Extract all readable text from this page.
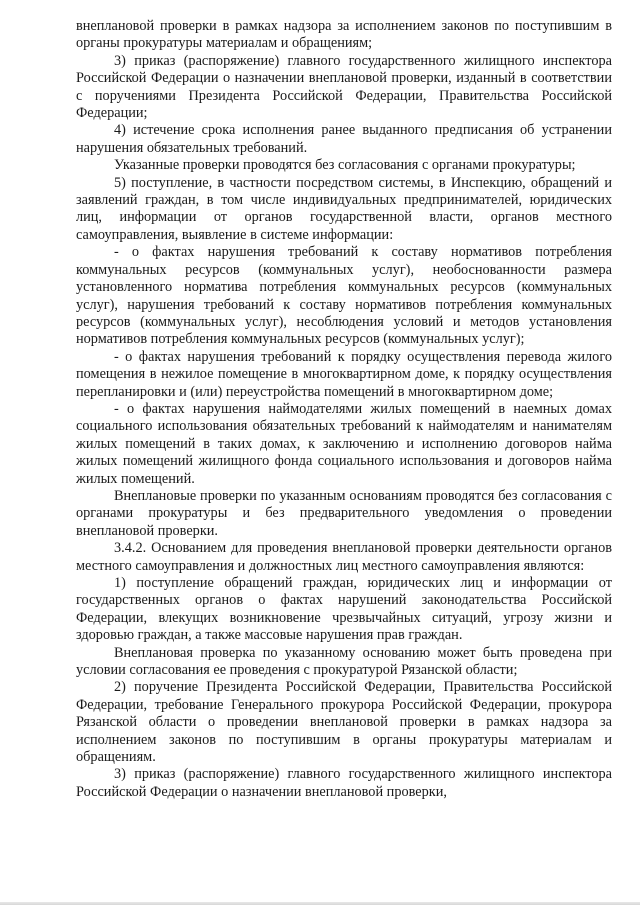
внеплановой проверки в рамках надзора за исполнением законов по поступившим в органы прокуратуры материалам и обращениям;

3) приказ (распоряжение) главного государственного жилищного инспектора Российской Федерации о назначении внеплановой проверки, изданный в соответствии с поручениями Президента Российской Федерации, Правительства Российской Федерации;

4) истечение срока исполнения ранее выданного предписания об устранении нарушения обязательных требований.

Указанные проверки проводятся без согласования с органами прокуратуры;

5) поступление, в частности посредством системы, в Инспекцию, обращений и заявлений граждан, в том числе индивидуальных предпринимателей, юридических лиц, информации от органов государственной власти, органов местного самоуправления, выявление в системе информации:

- о фактах нарушения требований к составу нормативов потребления коммунальных ресурсов (коммунальных услуг), необоснованности размера установленного норматива потребления коммунальных ресурсов (коммунальных услуг), нарушения требований к составу нормативов потребления коммунальных ресурсов (коммунальных услуг), несоблюдения условий и методов установления нормативов потребления коммунальных ресурсов (коммунальных услуг);

- о фактах нарушения требований к порядку осуществления перевода жилого помещения в нежилое помещение в многоквартирном доме, к порядку осуществления перепланировки и (или) переустройства помещений в многоквартирном доме;

- о фактах нарушения наймодателями жилых помещений в наемных домах социального использования обязательных требований к наймодателям и нанимателям жилых помещений в таких домах, к заключению и исполнению договоров найма жилых помещений жилищного фонда социального использования и договоров найма жилых помещений.

Внеплановые проверки по указанным основаниям проводятся без согласования с органами прокуратуры и без предварительного уведомления о проведении внеплановой проверки.

3.4.2. Основанием для проведения внеплановой проверки деятельности органов местного самоуправления и должностных лиц местного самоуправления являются:

1) поступление обращений граждан, юридических лиц и информации от государственных органов о фактах нарушений законодательства Российской Федерации, влекущих возникновение чрезвычайных ситуаций, угрозу жизни и здоровью граждан, а также массовые нарушения прав граждан.

Внеплановая проверка по указанному основанию может быть проведена при условии согласования ее проведения с прокуратурой Рязанской области;

2) поручение Президента Российской Федерации, Правительства Российской Федерации, требование Генерального прокурора Российской Федерации, прокурора Рязанской области о проведении внеплановой проверки в рамках надзора за исполнением законов по поступившим в органы прокуратуры материалам и обращениям.

3) приказ (распоряжение) главного государственного жилищного инспектора Российской Федерации о назначении внеплановой проверки,
